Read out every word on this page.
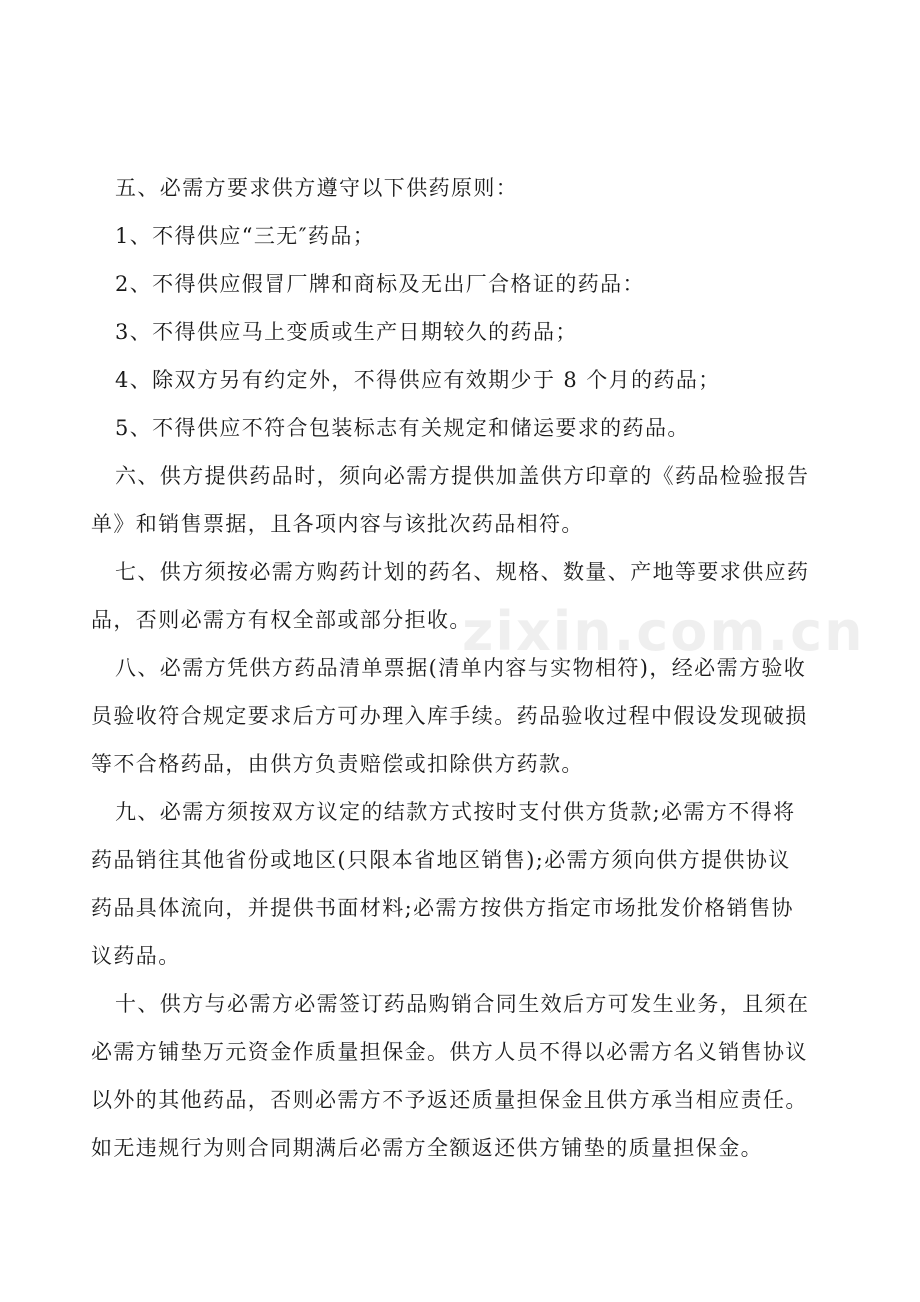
zixin.com.cn

五、必需方要求供方遵守以下供药原则：

1、不得供应“三无″药品；

2、不得供应假冒厂牌和商标及无出厂合格证的药品：

3、不得供应马上变质或生产日期较久的药品；

4、除双方另有约定外，不得供应有效期少于 8 个月的药品；

5、不得供应不符合包装标志有关规定和储运要求的药品。

六、供方提供药品时，须向必需方提供加盖供方印章的《药品检验报告
单》和销售票据，且各项内容与该批次药品相符。

七、供方须按必需方购药计划的药名、规格、数量、产地等要求供应药
品，否则必需方有权全部或部分拒收。

八、必需方凭供方药品清单票据(清单内容与实物相符)，经必需方验收
员验收符合规定要求后方可办理入库手续。药品验收过程中假设发现破损
等不合格药品，由供方负责赔偿或扣除供方药款。

九、必需方须按双方议定的结款方式按时支付供方货款;必需方不得将
药品销往其他省份或地区(只限本省地区销售);必需方须向供方提供协议
药品具体流向，并提供书面材料;必需方按供方指定市场批发价格销售协
议药品。

十、供方与必需方必需签订药品购销合同生效后方可发生业务，且须在
必需方铺垫万元资金作质量担保金。供方人员不得以必需方名义销售协议
以外的其他药品，否则必需方不予返还质量担保金且供方承当相应责任。
如无违规行为则合同期满后必需方全额返还供方铺垫的质量担保金。
